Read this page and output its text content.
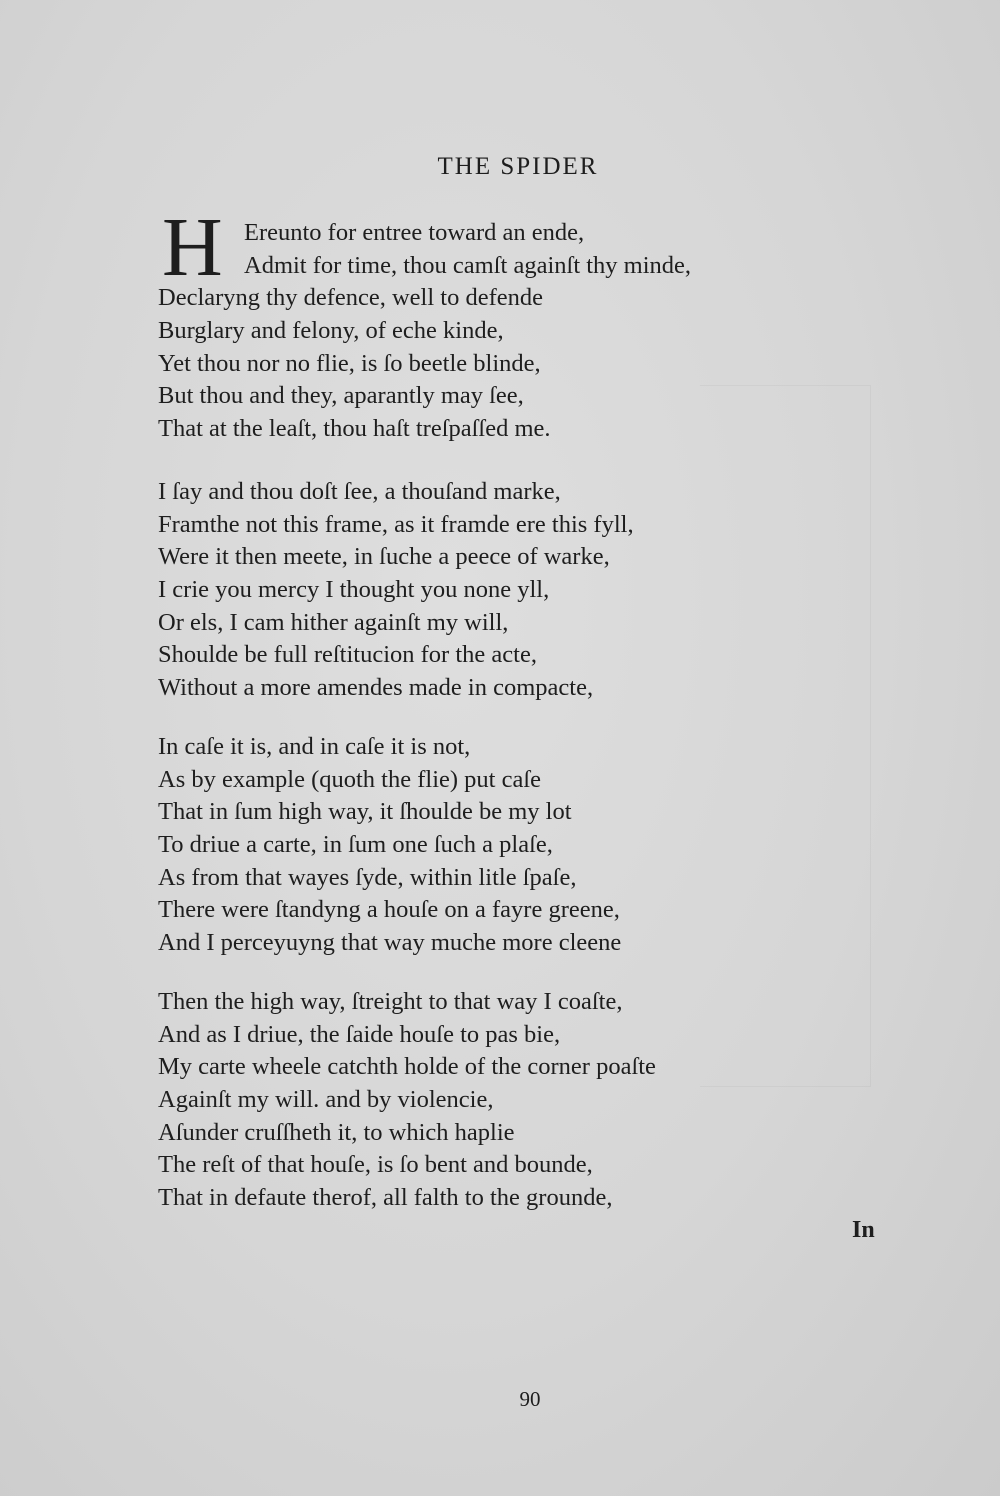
THE SPIDER
H Ereunto for entree toward an ende,
Admit for time, thou camſt againſt thy minde,
Declaryng thy defence, well to defende
Burglary and felony, of eche kinde,
Yet thou nor no flie, is ſo beetle blinde,
But thou and they, aparantly may ſee,
That at the leaſt, thou haſt treſpaſſed me.
I ſay and thou doſt ſee, a thouſand marke,
Framthe not this frame, as it framde ere this fyll,
Were it then meete, in ſuche a peece of warke,
I crie you mercy I thought you none yll,
Or els, I cam hither againſt my will,
Shoulde be full reſtitucion for the acte,
Without a more amendes made in compacte,
In caſe it is, and in caſe it is not,
As by example (quoth the flie) put caſe
That in ſum high way, it ſhoulde be my lot
To driue a carte, in ſum one ſuch a plaſe,
As from that wayes ſyde, within litle ſpaſe,
There were ſtandyng a houſe on a fayre greene,
And I perceyuyng that way muche more cleene
Then the high way, ſtreight to that way I coaſte,
And as I driue, the ſaide houſe to pas bie,
My carte wheele catchth holde of the corner poaſte
Againſt my will. and by violencie,
Aſunder cruſſheth it, to which haplie
The reſt of that houſe, is ſo bent and bounde,
That in defaute therof, all falth to the grounde,
In
90
